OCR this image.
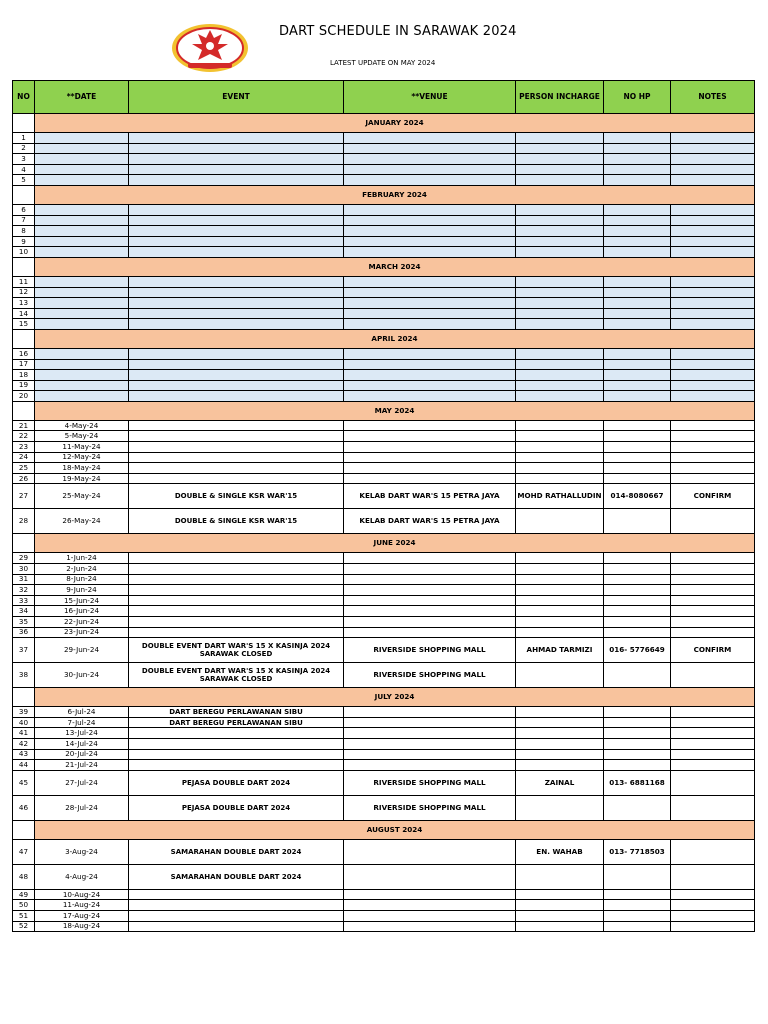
DART SCHEDULE IN SARAWAK 2024
LATEST UPDATE ON MAY 2024
NO	**DATE	EVENT	**VENUE	PERSON INCHARGE	NO HP	NOTES
	JANUARY 2024					
1						
2						
3						
4						
5						
	FEBRUARY 2024					
6						
7						
8						
9						
10						
	MARCH 2024					
11						
12						
13						
14						
15						
	APRIL 2024					
16						
17						
18						
19						
20						
	MAY 2024					
21	4-May-24					
22	5-May-24					
23	11-May-24					
24	12-May-24					
25	18-May-24					
26	19-May-24					
27	25-May-24	DOUBLE & SINGLE KSR WAR'15	KELAB DART WAR'S 15 PETRA JAYA	MOHD RATHALLUDIN	014-8080667	CONFIRM
28	26-May-24	DOUBLE & SINGLE KSR WAR'15	KELAB DART WAR'S 15 PETRA JAYA			
	JUNE 2024					
29	1-Jun-24					
30	2-Jun-24					
31	8-Jun-24					
32	9-Jun-24					
33	15-Jun-24					
34	16-Jun-24					
35	22-Jun-24					
36	23-Jun-24					
37	29-Jun-24	DOUBLE EVENT DART WAR'S 15 X KASINJA 2024 SARAWAK CLOSED	RIVERSIDE SHOPPING MALL	AHMAD TARMIZI	016- 5776649	CONFIRM
38	30-Jun-24	DOUBLE EVENT DART WAR'S 15 X KASINJA 2024 SARAWAK CLOSED	RIVERSIDE SHOPPING MALL			
	JULY 2024					
39	6-Jul-24	DART BEREGU PERLAWANAN SIBU				
40	7-Jul-24	DART BEREGU PERLAWANAN SIBU				
41	13-Jul-24					
42	14-Jul-24					
43	20-Jul-24					
44	21-Jul-24					
45	27-Jul-24	PEJASA DOUBLE DART 2024	RIVERSIDE SHOPPING MALL	ZAINAL	013- 6881168	
46	28-Jul-24	PEJASA DOUBLE DART 2024	RIVERSIDE SHOPPING MALL			
	AUGUST 2024					
47	3-Aug-24	SAMARAHAN DOUBLE DART 2024		EN. WAHAB	013- 7718503	
48	4-Aug-24	SAMARAHAN DOUBLE DART 2024				
49	10-Aug-24					
50	11-Aug-24					
51	17-Aug-24					
52	18-Aug-24					
